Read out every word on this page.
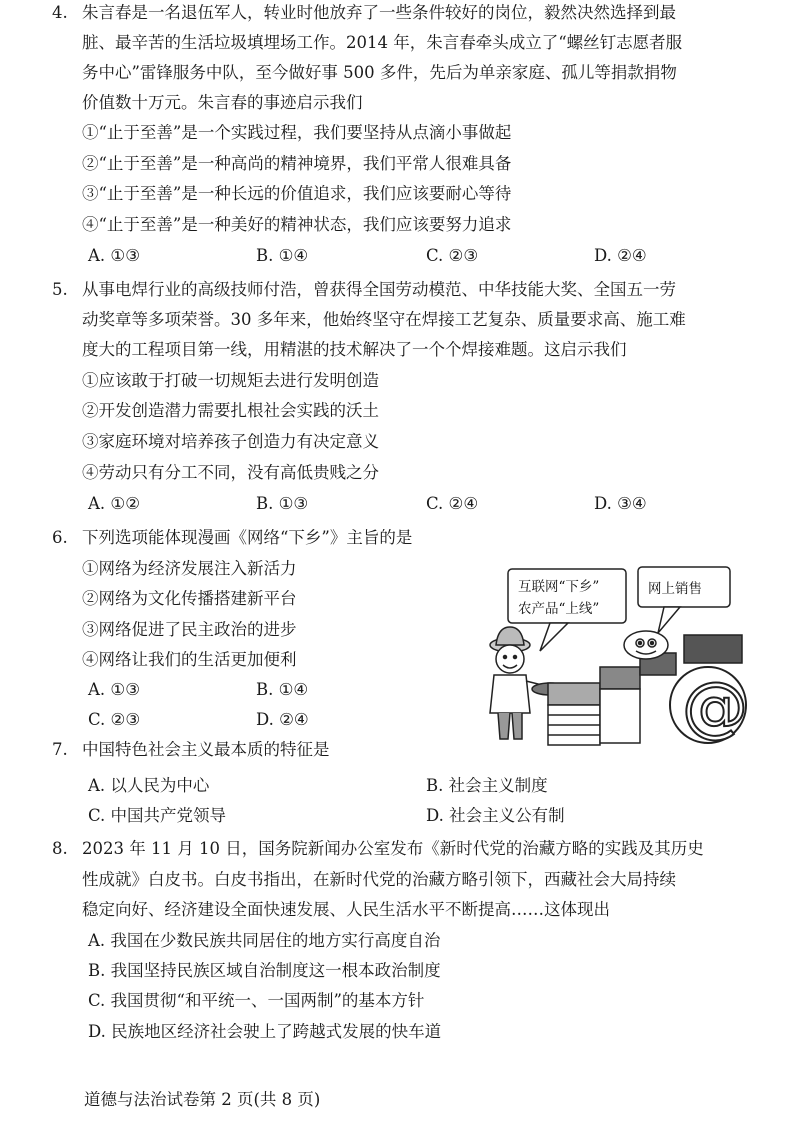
4. 朱言春是一名退伍军人，转业时他放弃了一些条件较好的岗位，毅然决然选择到最
脏、最辛苦的生活垃圾填埋场工作。2014 年，朱言春牵头成立了“螺丝钉志愿者服
务中心”雷锋服务中队，至今做好事 500 多件，先后为单亲家庭、孤儿等捐款捐物
价值数十万元。朱言春的事迹启示我们
①“止于至善”是一个实践过程，我们要坚持从点滴小事做起
②“止于至善”是一种高尚的精神境界，我们平常人很难具备
③“止于至善”是一种长远的价值追求，我们应该要耐心等待
④“止于至善”是一种美好的精神状态，我们应该要努力追求
A. ①③	B. ①④	C. ②③	D. ②④
5. 从事电焊行业的高级技师付浩，曾获得全国劳动模范、中华技能大奖、全国五一劳
动奖章等多项荣誉。30 多年来，他始终坚守在焊接工艺复杂、质量要求高、施工难
度大的工程项目第一线，用精湛的技术解决了一个个焊接难题。这启示我们
①应该敢于打破一切规矩去进行发明创造
②开发创造潜力需要扎根社会实践的沃土
③家庭环境对培养孩子创造力有决定意义
④劳动只有分工不同，没有高低贵贱之分
A. ①②	B. ①③	C. ②④	D. ③④
6. 下列选项能体现漫画《网络“下乡”》主旨的是
①网络为经济发展注入新活力
②网络为文化传播搭建新平台
③网络促进了民主政治的进步
④网络让我们的生活更加便利
A. ①③	B. ①④
C. ②③	D. ②④
互联网“下乡”
农产品“上线”
网上销售
@
7. 中国特色社会主义最本质的特征是
A. 以人民为中心	B. 社会主义制度
C. 中国共产党领导	D. 社会主义公有制
8. 2023 年 11 月 10 日，国务院新闻办公室发布《新时代党的治藏方略的实践及其历史
性成就》白皮书。白皮书指出，在新时代党的治藏方略引领下，西藏社会大局持续
稳定向好、经济建设全面快速发展、人民生活水平不断提高……这体现出
A. 我国在少数民族共同居住的地方实行高度自治
B. 我国坚持民族区域自治制度这一根本政治制度
C. 我国贯彻“和平统一、一国两制”的基本方针
D. 民族地区经济社会驶上了跨越式发展的快车道
道德与法治试卷第 2 页(共 8 页)
